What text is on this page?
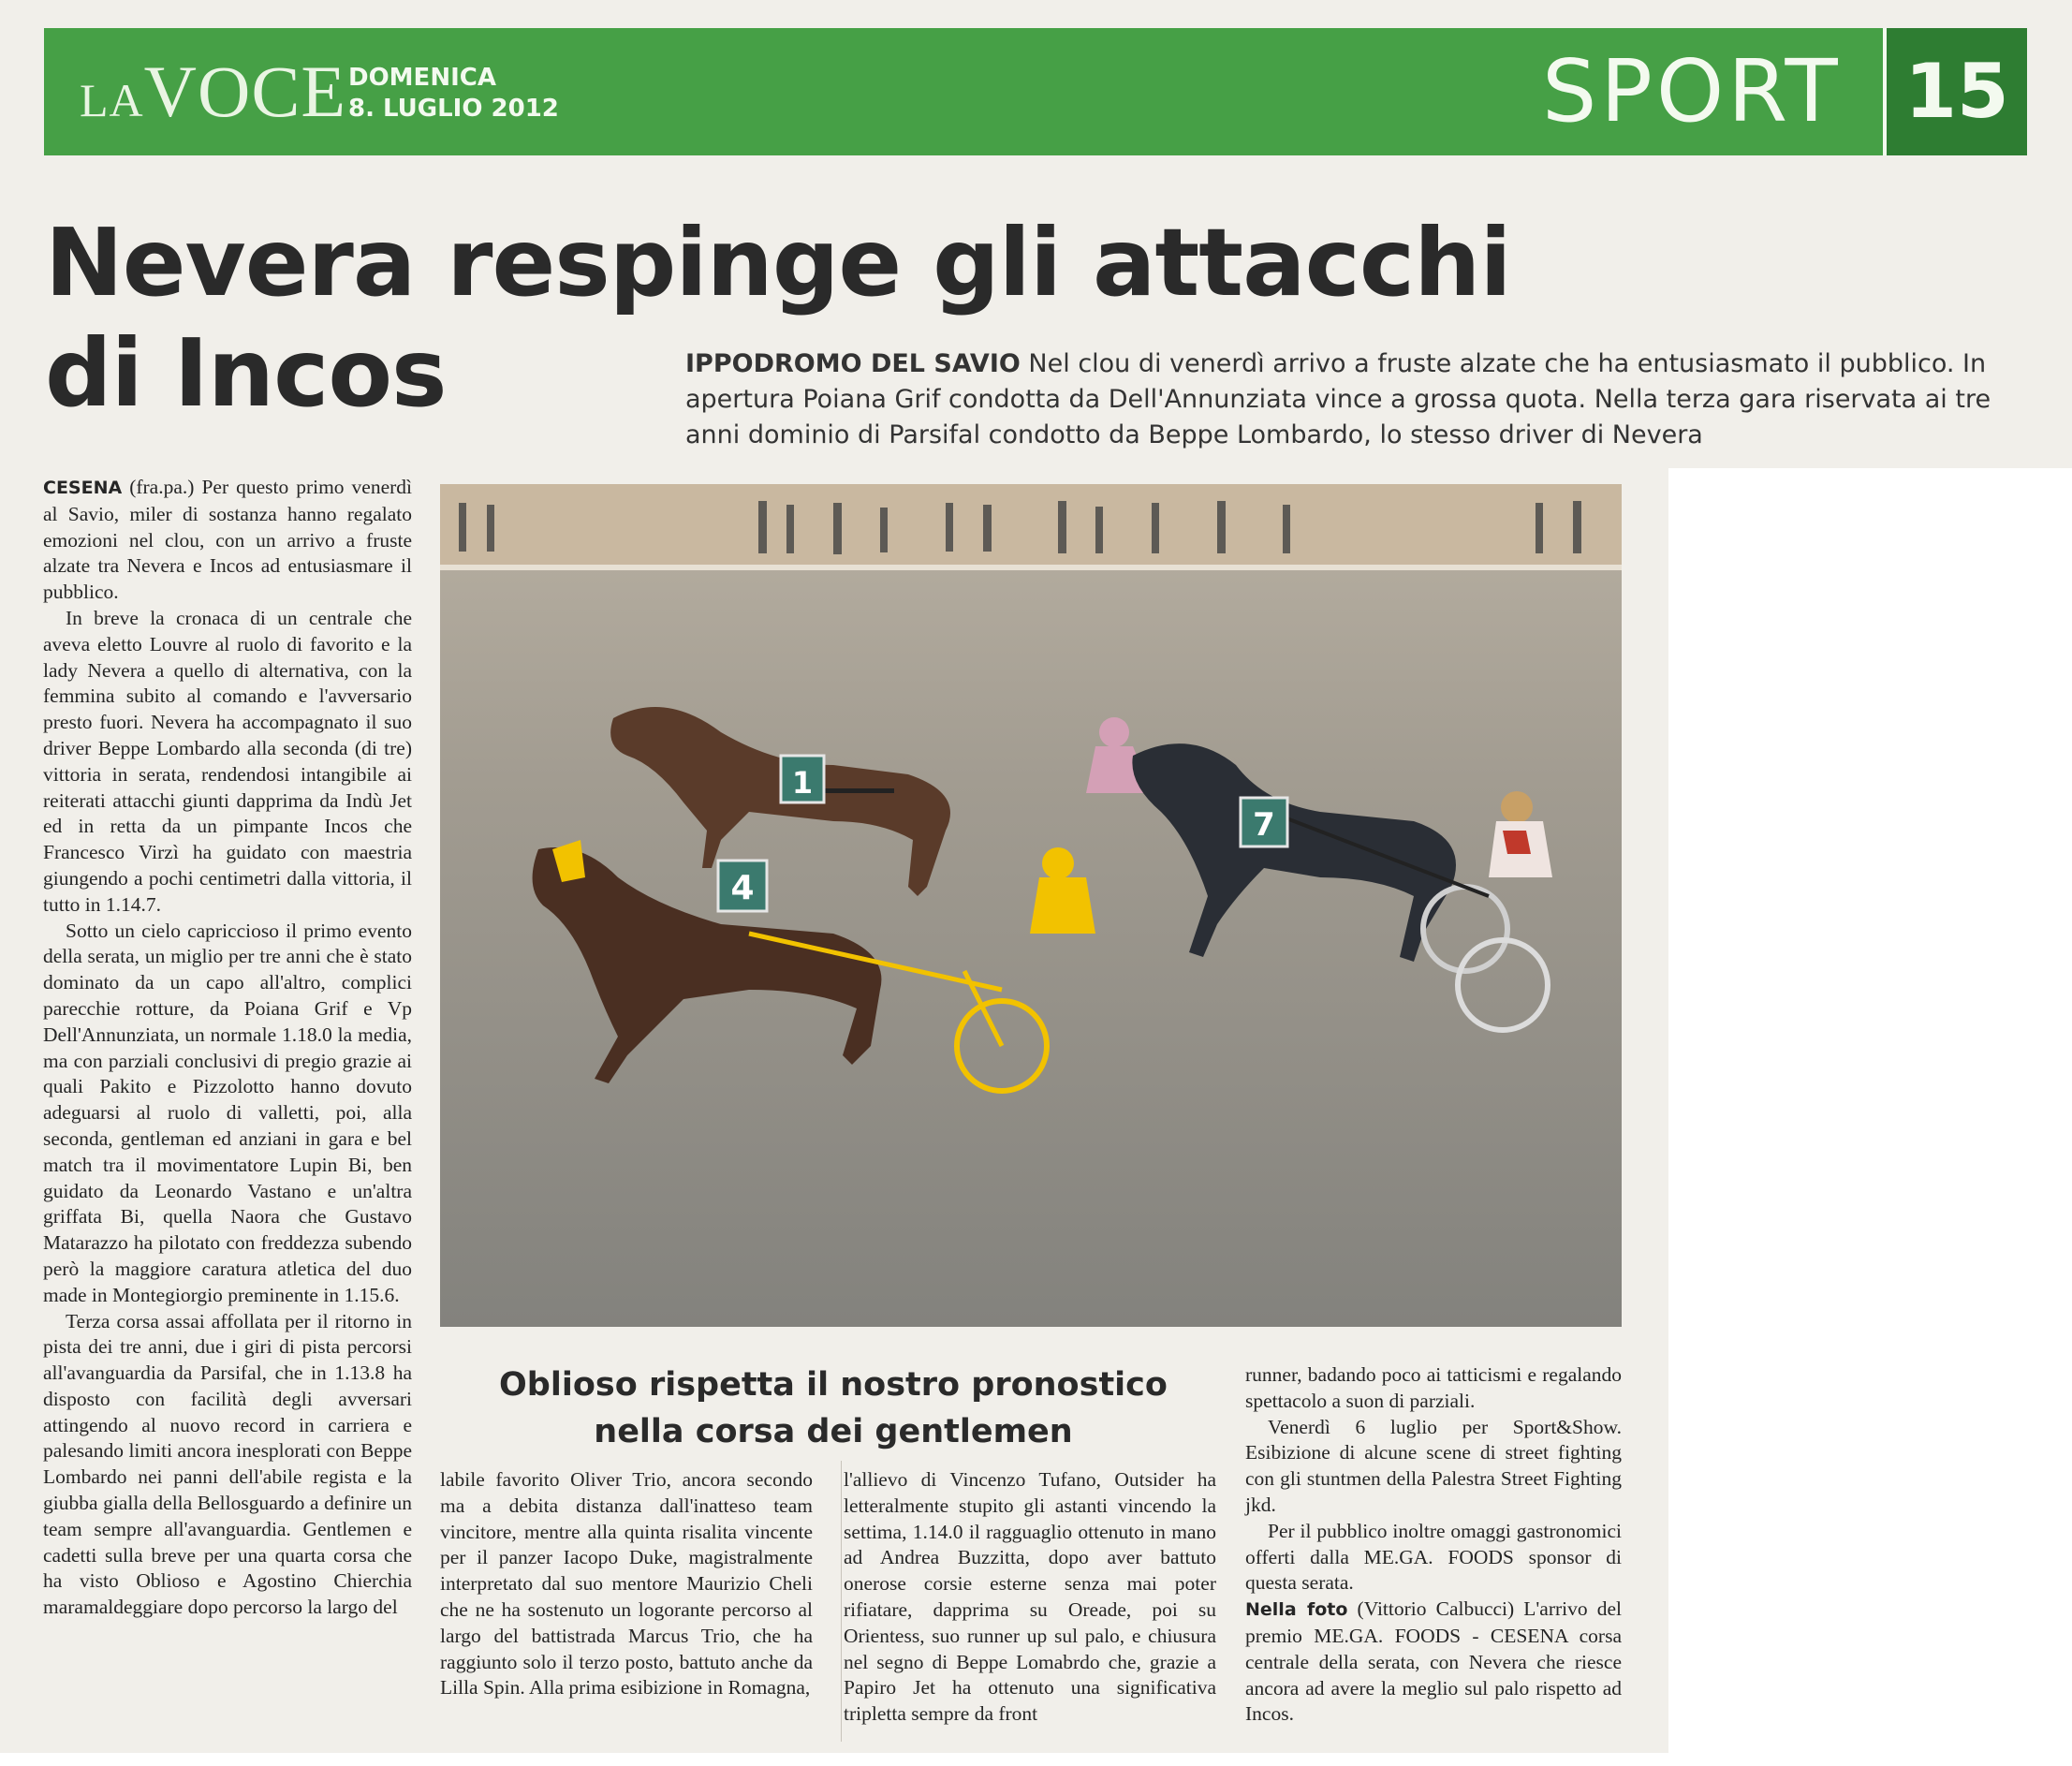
LAVOCE DOMENICA
8. LUGLIO 2012	SPORT 15
Nevera respinge gli attacchi
di Incos	IPPODROMO DEL SAVIO Nel clou di venerdì arrivo a fruste alzate che ha entusiasmato il pubblico. In apertura Poiana Grif condotta da Dell'Annunziata vince a grossa quota. Nella terza gara riservata ai tre anni dominio di Parsifal condotto da Beppe Lombardo, lo stesso driver di Nevera

CESENA (fra.pa.) Per questo primo venerdì al Savio, miler di sostanza hanno regalato emozioni nel clou, con un arrivo a fruste alzate tra Nevera e Incos ad entusiasmare il pubblico.

In breve la cronaca di un centrale che aveva eletto Louvre al ruolo di favorito e la lady Nevera a quello di alternativa, con la femmina subito al comando e l'avversario presto fuori. Nevera ha accompagnato il suo driver Beppe Lombardo alla seconda (di tre) vittoria in serata, rendendosi intangibile ai reiterati attacchi giunti dapprima da Indù Jet ed in retta da un pimpante Incos che Francesco Virzì ha guidato con maestria giungendo a pochi centimetri dalla vittoria, il tutto in 1.14.7.

Sotto un cielo capriccioso il primo evento della serata, un miglio per tre anni che è stato dominato da un capo all'altro, complici parecchie rotture, da Poiana Grif e Vp Dell'Annunziata, un normale 1.18.0 la media, ma con parziali conclusivi di pregio grazie ai quali Pakito e Pizzolotto hanno dovuto adeguarsi al ruolo di valletti, poi, alla seconda, gentleman ed anziani in gara e bel match tra il movimentatore Lupin Bi, ben guidato da Leonardo Vastano e un'altra griffata Bi, quella Naora che Gustavo Matarazzo ha pilotato con freddezza subendo però la maggiore caratura atletica del duo made in Montegiorgio preminente in 1.15.6.

Terza corsa assai affollata per il ritorno in pista dei tre anni, due i giri di pista percorsi all'avanguardia da Parsifal, che in 1.13.8 ha disposto con facilità degli avversari attingendo al nuovo record in carriera e palesando limiti ancora inesplorati con Beppe Lombardo nei panni dell'abile regista e la giubba gialla della Bellosguardo a definire un team sempre all'avanguardia. Gentlemen e cadetti sulla breve per una quarta corsa che ha visto Oblioso e Agostino Chierchia maramaldeggiare dopo percorso la largo del

1
4
7
Oblioso rispetta il nostro pronostico
nella corsa dei gentlemen

labile favorito Oliver Trio, ancora secondo ma a debita distanza dall'inatteso team vincitore, mentre alla quinta risalita vincente per il panzer Iacopo Duke, magistralmente interpretato dal suo mentore Maurizio Cheli che ne ha sostenuto un logorante percorso al largo del battistrada Marcus Trio, che ha raggiunto solo il terzo posto, battuto anche da Lilla Spin. Alla prima esibizione in Romagna,

l'allievo di Vincenzo Tufano, Outsider ha letteralmente stupito gli astanti vincendo la settima, 1.14.0 il ragguaglio ottenuto in mano ad Andrea Buzzitta, dopo aver battuto onerose corsie esterne senza mai poter rifiatare, dapprima su Oreade, poi su Orientess, suo runner up sul palo, e chiusura nel segno di Beppe Lomabrdo che, grazie a Papiro Jet ha ottenuto una significativa tripletta sempre da front

runner, badando poco ai tatticismi e regalando spettacolo a suon di parziali.

Venerdì 6 luglio per Sport&Show. Esibizione di alcune scene di street fighting con gli stuntmen della Palestra Street Fighting jkd.

Per il pubblico inoltre omaggi gastronomici offerti dalla ME.GA. FOODS sponsor di questa serata.

Nella foto (Vittorio Calbucci) L'arrivo del premio ME.GA. FOODS - CESENA corsa centrale della serata, con Nevera che riesce ancora ad avere la meglio sul palo rispetto ad Incos.
